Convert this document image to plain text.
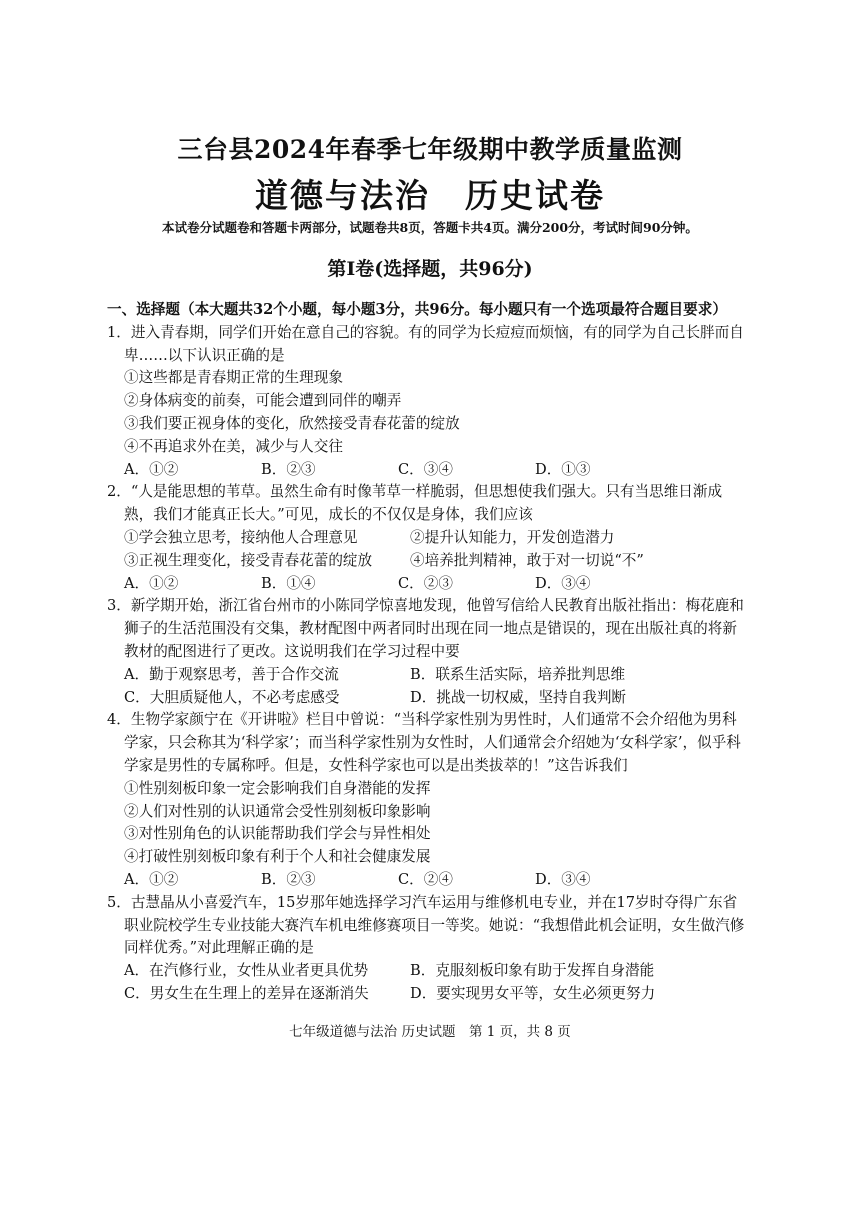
三台县2024年春季七年级期中教学质量监测
道德与法治　历史试卷
本试卷分试题卷和答题卡两部分，试题卷共8页，答题卡共4页。满分200分，考试时间90分钟。
第Ⅰ卷(选择题，共96分)
一、选择题（本大题共32个小题，每小题3分，共96分。每小题只有一个选项最符合题目要求）
1．进入青春期，同学们开始在意自己的容貌。有的同学为长痘痘而烦恼，有的同学为自己长胖而自卑……以下认识正确的是
①这些都是青春期正常的生理现象
②身体病变的前奏，可能会遭到同伴的嘲弄
③我们要正视身体的变化，欣然接受青春花蕾的绽放
④不再追求外在美，减少与人交往
A．①②	B．②③	C．③④	D．①③
2．“人是能思想的苇草。虽然生命有时像苇草一样脆弱，但思想使我们强大。只有当思维日渐成熟，我们才能真正长大。”可见，成长的不仅仅是身体，我们应该
①学会独立思考，接纳他人合理意见	②提升认知能力，开发创造潜力
③正视生理变化，接受青春花蕾的绽放	④培养批判精神，敢于对一切说“不”
A．①②	B．①④	C．②③	D．③④
3．新学期开始，浙江省台州市的小陈同学惊喜地发现，他曾写信给人民教育出版社指出：梅花鹿和狮子的生活范围没有交集，教材配图中两者同时出现在同一地点是错误的，现在出版社真的将新教材的配图进行了更改。这说明我们在学习过程中要
A．勤于观察思考，善于合作交流	B．联系生活实际，培养批判思维
C．大胆质疑他人，不必考虑感受	D．挑战一切权威，坚持自我判断
4．生物学家颜宁在《开讲啦》栏目中曾说：“当科学家性别为男性时，人们通常不会介绍他为男科学家，只会称其为‘科学家’；而当科学家性别为女性时，人们通常会介绍她为‘女科学家’，似乎科学家是男性的专属称呼。但是，女性科学家也可以是出类拔萃的！”这告诉我们
①性别刻板印象一定会影响我们自身潜能的发挥
②人们对性别的认识通常会受性别刻板印象影响
③对性别角色的认识能帮助我们学会与异性相处
④打破性别刻板印象有利于个人和社会健康发展
A．①②	B．②③	C．②④	D．③④
5．古慧晶从小喜爱汽车，15岁那年她选择学习汽车运用与维修机电专业，并在17岁时夺得广东省职业院校学生专业技能大赛汽车机电维修赛项目一等奖。她说：“我想借此机会证明，女生做汽修同样优秀。”对此理解正确的是
A．在汽修行业，女性从业者更具优势	B．克服刻板印象有助于发挥自身潜能
C．男女生在生理上的差异在逐渐消失	D．要实现男女平等，女生必须更努力
七年级道德与法治 历史试题　第 1 页，共 8 页
